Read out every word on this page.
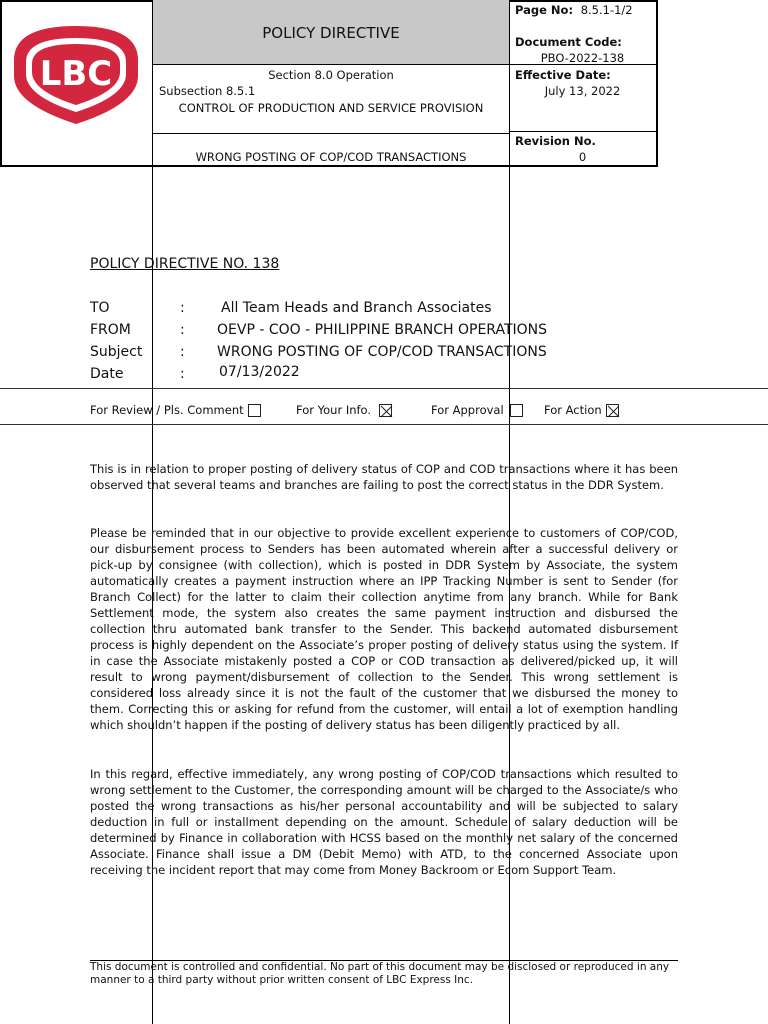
LBC
POLICY DIRECTIVE
Section 8.0 Operation
Subsection 8.5.1
CONTROL OF PRODUCTION AND SERVICE PROVISION
WRONG POSTING OF COP/COD TRANSACTIONS
Page No: 8.5.1-1/2
Document Code:
PBO-2022-138
Effective Date:
July 13, 2022
Revision No.
0
POLICY DIRECTIVE NO. 138
TO	:	All Team Heads and Branch Associates
FROM	: OEVP - COO - PHILIPPINE BRANCH OPERATIONS
Subject	: WRONG POSTING OF COP/COD TRANSACTIONS
Date	: 07/13/2022
For Review / Pls. Comment	For Your Info.	For Approval	For Action

This is in relation to proper posting of delivery status of COP and COD transactions where it has been observed that several teams and branches are failing to post the correct status in the DDR System.

Please be reminded that in our objective to provide excellent experience to customers of COP/COD, our disbursement process to Senders has been automated wherein after a successful delivery or pick-up by consignee (with collection), which is posted in DDR System by Associate, the system automatically creates a payment instruction where an IPP Tracking Number is sent to Sender (for Branch Collect) for the latter to claim their collection anytime from any branch. While for Bank Settlement mode, the system also creates the same payment instruction and disbursed the collection thru automated bank transfer to the Sender. This backend automated disbursement process is highly dependent on the Associate’s proper posting of delivery status using the system. If in case the Associate mistakenly posted a COP or COD transaction as delivered/picked up, it will result to wrong payment/disbursement of collection to the Sender. This wrong settlement is considered loss already since it is not the fault of the customer that we disbursed the money to them. Correcting this or asking for refund from the customer, will entail a lot of exemption handling which shouldn’t happen if the posting of delivery status has been diligently practiced by all.

In this regard, effective immediately, any wrong posting of COP/COD transactions which resulted to wrong settlement to the Customer, the corresponding amount will be charged to the Associate/s who posted the wrong transactions as his/her personal accountability and will be subjected to salary deduction in full or installment depending on the amount. Schedule of salary deduction will be determined by Finance in collaboration with HCSS based on the monthly net salary of the concerned Associate. Finance shall issue a DM (Debit Memo) with ATD, to the concerned Associate upon receiving the incident report that may come from Money Backroom or Ecom Support Team.

This document is controlled and confidential. No part of this document may be disclosed or reproduced in any manner to a third party without prior written consent of LBC Express Inc.
